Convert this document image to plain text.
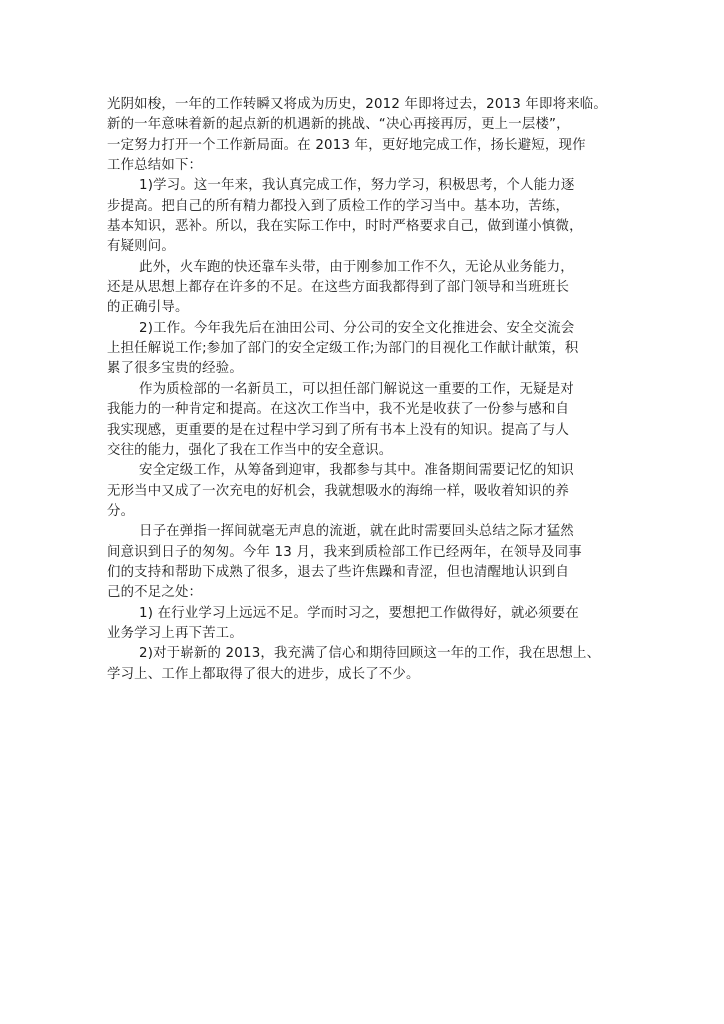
光阴如梭，一年的工作转瞬又将成为历史，2012 年即将过去，2013 年即将来临。
新的一年意味着新的起点新的机遇新的挑战、“决心再接再厉，更上一层楼”，
一定努力打开一个工作新局面。在 2013 年，更好地完成工作，扬长避短，现作
工作总结如下：
1)学习。这一年来，我认真完成工作，努力学习，积极思考，个人能力逐
步提高。把自己的所有精力都投入到了质检工作的学习当中。基本功，苦练，
基本知识，恶补。所以，我在实际工作中，时时严格要求自己，做到谨小慎微，
有疑则问。
此外，火车跑的快还靠车头带，由于刚参加工作不久，无论从业务能力，
还是从思想上都存在许多的不足。在这些方面我都得到了部门领导和当班班长
的正确引导。
2)工作。今年我先后在油田公司、分公司的安全文化推进会、安全交流会
上担任解说工作;参加了部门的安全定级工作;为部门的目视化工作献计献策，积
累了很多宝贵的经验。
作为质检部的一名新员工，可以担任部门解说这一重要的工作，无疑是对
我能力的一种肯定和提高。在这次工作当中，我不光是收获了一份参与感和自
我实现感，更重要的是在过程中学习到了所有书本上没有的知识。提高了与人
交往的能力，强化了我在工作当中的安全意识。
安全定级工作，从筹备到迎审，我都参与其中。准备期间需要记忆的知识
无形当中又成了一次充电的好机会，我就想吸水的海绵一样，吸收着知识的养
分。
日子在弹指一挥间就毫无声息的流逝，就在此时需要回头总结之际才猛然
间意识到日子的匆匆。今年 13 月，我来到质检部工作已经两年，在领导及同事
们的支持和帮助下成熟了很多，退去了些许焦躁和青涩，但也清醒地认识到自
己的不足之处：
1) 在行业学习上远远不足。学而时习之，要想把工作做得好，就必须要在
业务学习上再下苦工。
2)对于崭新的 2013，我充满了信心和期待回顾这一年的工作，我在思想上、
学习上、工作上都取得了很大的进步，成长了不少。
